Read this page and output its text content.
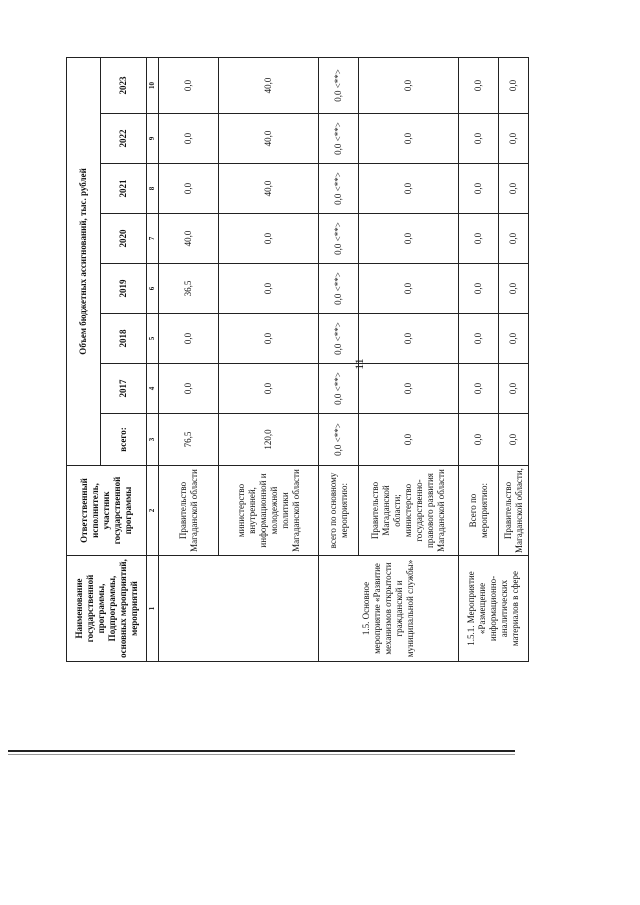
11
Наименование государственной программы, Подпрограммы, основных мероприятий, мероприятий	Ответственный исполнитель, участник государственной программы	Объем бюджетных ассигнований, тыс. рублей							
		всего:	2017	2018	2019	2020	2021	2022	2023
1	2	3	4	5	6	7	8	9	10
	Правительство Магаданской области	76,5	0,0	0,0	36,5	40,0	0,0	0,0	0,0
	министерство внутренней, информационной и молодежной политики Магаданской области	120,0	0,0	0,0	0,0	0,0	40,0	40,0	40,0
1.5. Основное мероприятие «Развитие механизмов открытости гражданской и муниципальной службы»	всего по основному мероприятию:	0,0 <**>	0,0 <**>	0,0 <**>	0,0 <**>	0,0 <**>	0,0 <**>	0,0 <**>	0,0 <**>
	Правительство Магаданской области; министерство государственно-правового развития Магаданской области	0,0	0,0	0,0	0,0	0,0	0,0	0,0	0,0
1.5.1. Мероприятие «Размещение информационно-аналитических материалов в сфере	Всего по мероприятию:	0,0	0,0	0,0	0,0	0,0	0,0	0,0	0,0
	Правительство Магаданской области,	0,0	0,0	0,0	0,0	0,0	0,0	0,0	0,0
